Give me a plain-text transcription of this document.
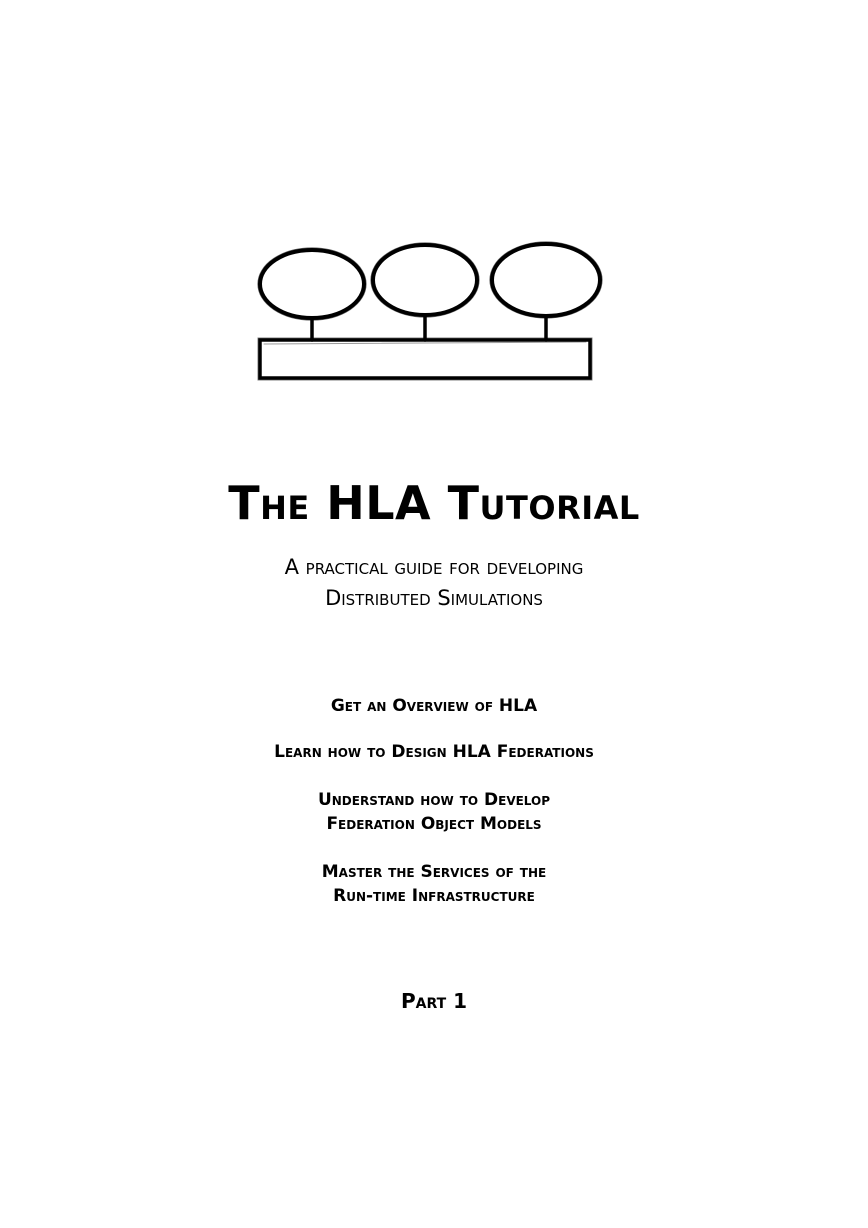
The HLA Tutorial
A practical guide for developing
Distributed Simulations
Get an Overview of HLA
Learn how to Design HLA Federations
Understand how to Develop
Federation Object Models
Master the Services of the
Run-time Infrastructure
Part 1
